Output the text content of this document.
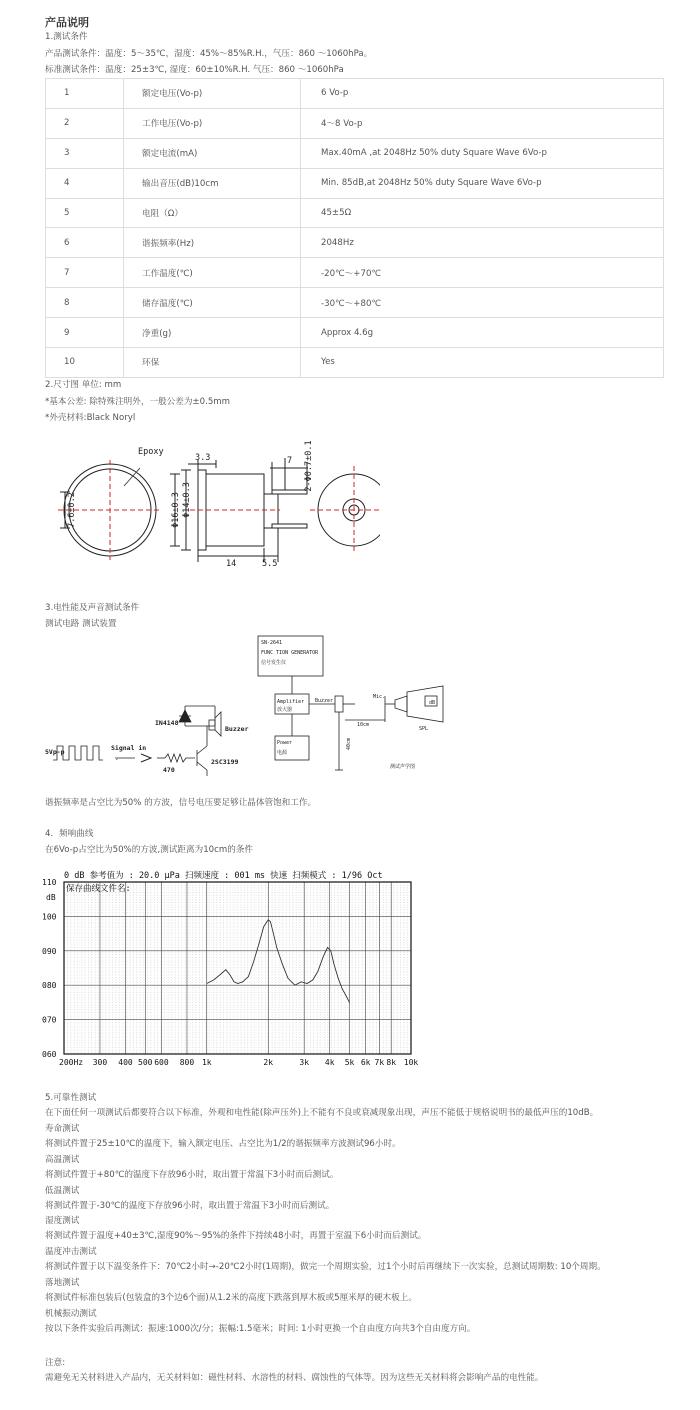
产品说明
1.测试条件
产品测试条件：温度：5～35℃，湿度：45%～85%R.H.，气压：860 ～1060hPa。
标准测试条件：温度：25±3℃, 湿度：60±10%R.H. 气压：860 ～1060hPa
1	额定电压(Vo-p)	6 Vo-p
2	工作电压(Vo-p)	4～8 Vo-p
3	额定电流(mA)	Max.40mA ,at 2048Hz 50% duty Square Wave 6Vo-p
4	输出音压(dB)10cm	Min. 85dB,at 2048Hz 50% duty Square Wave 6Vo-p
5	电阻（Ω）	45±5Ω
6	谐振频率(Hz)	2048Hz
7	工作温度(℃)	-20℃～+70℃
8	储存温度(℃)	-30℃～+80℃
9	净重(g)	Approx 4.6g
10	环保	Yes
2.尺寸图 单位: mm
*基本公差: 除特殊注明外，一般公差为±0.5mm
*外壳材料:Black Noryl
Epoxy
7.6±0.2	Φ16±0.3 Φ14±0.3
3.3	7 2-Φ0.7±0.1
14	5.5
3.电性能及声音测试条件
测试电路 测试装置
SN-2641
FUNC TION GENERATOR
信号发生仪
Amplifier
放大器
Buzzer
Power
电源
Mic.
dB
SPL
10cm
40cm
测试声学图
IN4148
Buzzer
5Vp-p	Signal in
470
2SC3199
-
谐振频率是占空比为50% 的方波，信号电压要足够让晶体管饱和工作。
4．频响曲线
在6Vo-p占空比为50%的方波,测试距离为10cm的条件
0 dB 参考值为 : 20.0 μPa 扫频速度 : 001 ms 快速 扫频模式 : 1/96 Oct
dB
保存曲线文件名:
110
100
090
080
070
060
200Hz 300 400 500 600 800 1k	2k	3k 4k 5k 6k 7k 8k 10k
5.可靠性测试
在下面任何一项测试后都要符合以下标准，外观和电性能(除声压外)上不能有不良或衰减现象出现，声压不能低于规格说明书的最低声压的10dB。
寿命测试
将测试件置于25±10℃的温度下，输入额定电压、占空比为1/2的谐振频率方波测试96小时。
高温测试
将测试件置于+80℃的温度下存放96小时，取出置于常温下3小时而后测试。
低温测试
将测试件置于-30℃的温度下存放96小时，取出置于常温下3小时而后测试。
湿度测试
将测试件置于温度+40±3℃,湿度90%～95%的条件下持续48小时，再置于室温下6小时而后测试。
温度冲击测试
将测试件置于以下温变条件下：70℃2小时→-20℃2小时(1周期)，做完一个周期实验，过1个小时后再继续下一次实验，总测试周期数: 10个周期。
落地测试
将测试件标准包装后(包装盒的3个边6个面)从1.2米的高度下跌落到厚木板或5厘米厚的硬木板上。
机械振动测试
按以下条件实验后再测试：振速:1000次/分；振幅:1.5毫米；时间: 1小时更换一个自由度方向共3个自由度方向。
注意:
需避免无关材料进入产品内，无关材料如：磁性材料、水溶性的材料、腐蚀性的气体等。因为这些无关材料将会影响产品的电性能。
